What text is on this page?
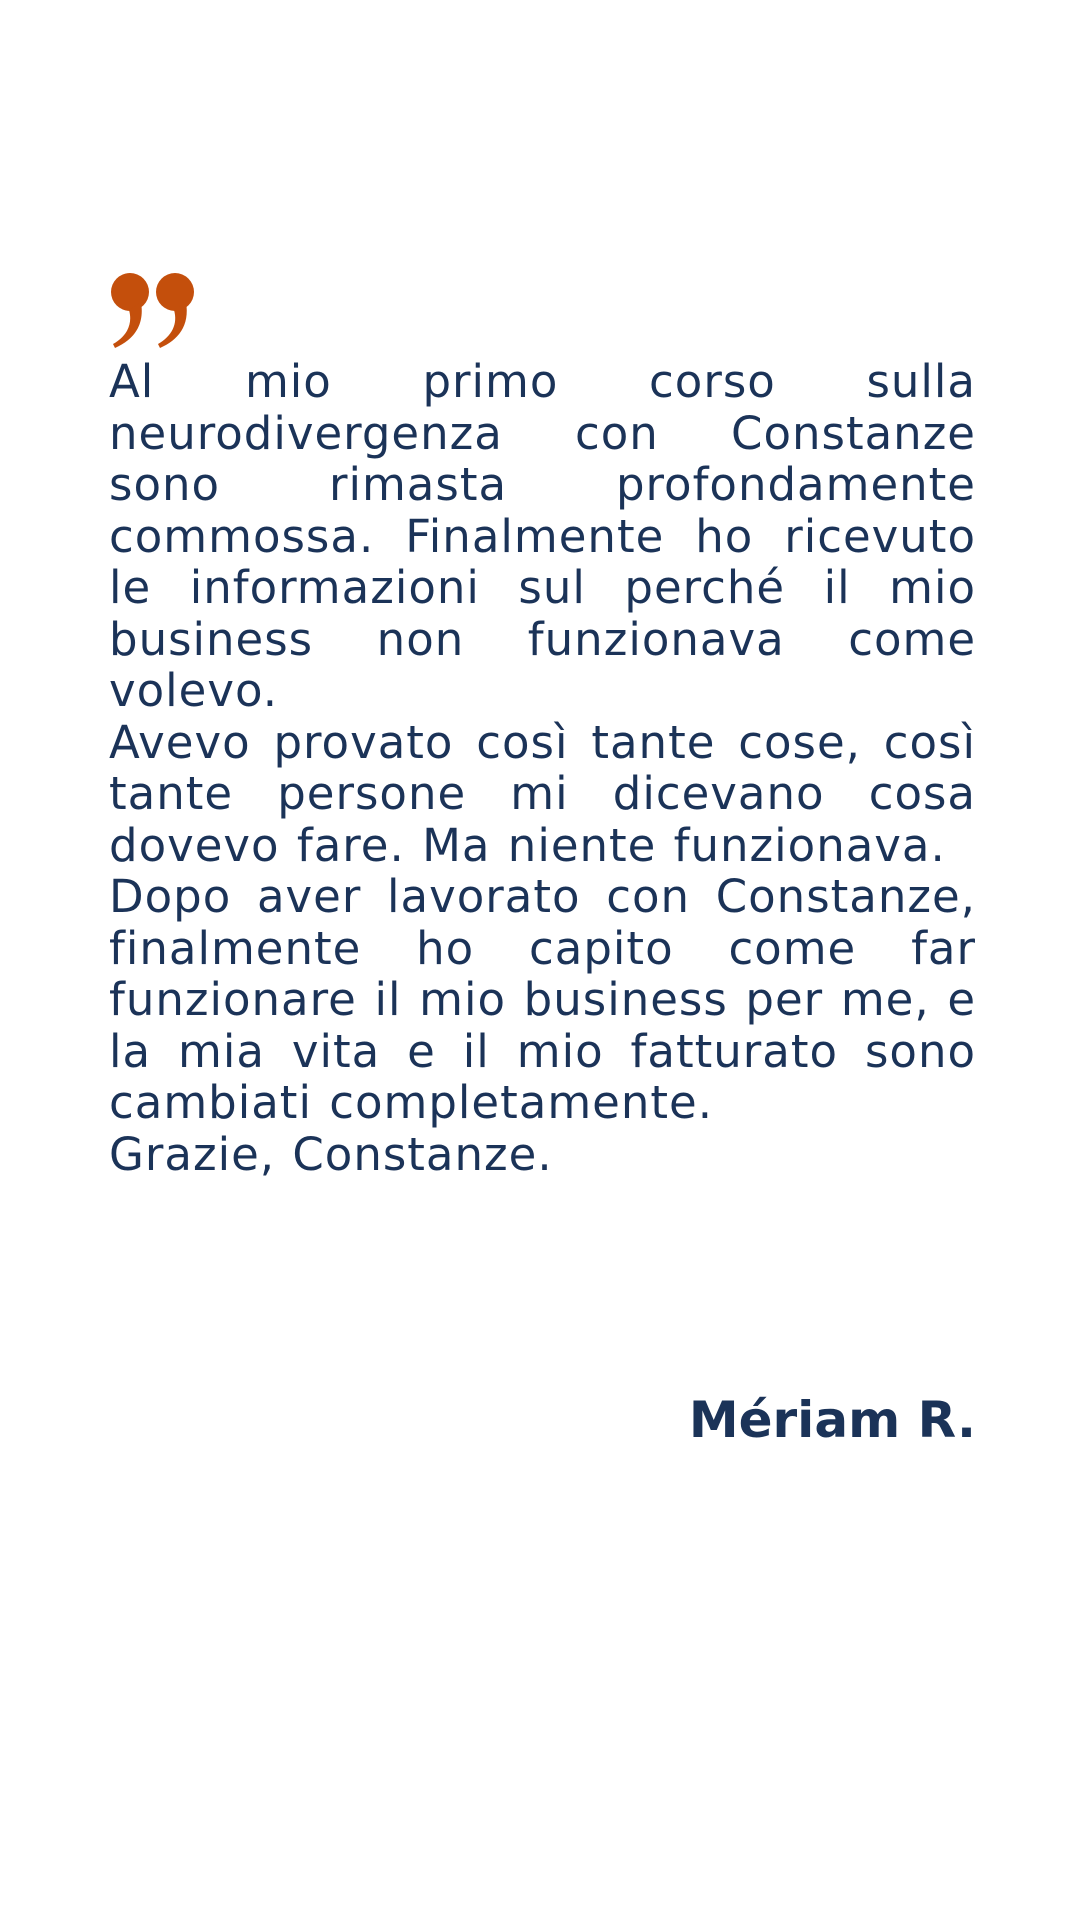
Al mio primo corso sulla neurodivergenza con Constanze sono rimasta profondamente commossa. Finalmente ho ricevuto le informazioni sul perché il mio business non funzionava come volevo.

Avevo provato così tante cose, così tante persone mi dicevano cosa dovevo fare. Ma niente funzionava.

Dopo aver lavorato con Constanze, finalmente ho capito come far funzionare il mio business per me, e la mia vita e il mio fatturato sono cambiati completamente.

Grazie, Constanze.

Mériam R.
